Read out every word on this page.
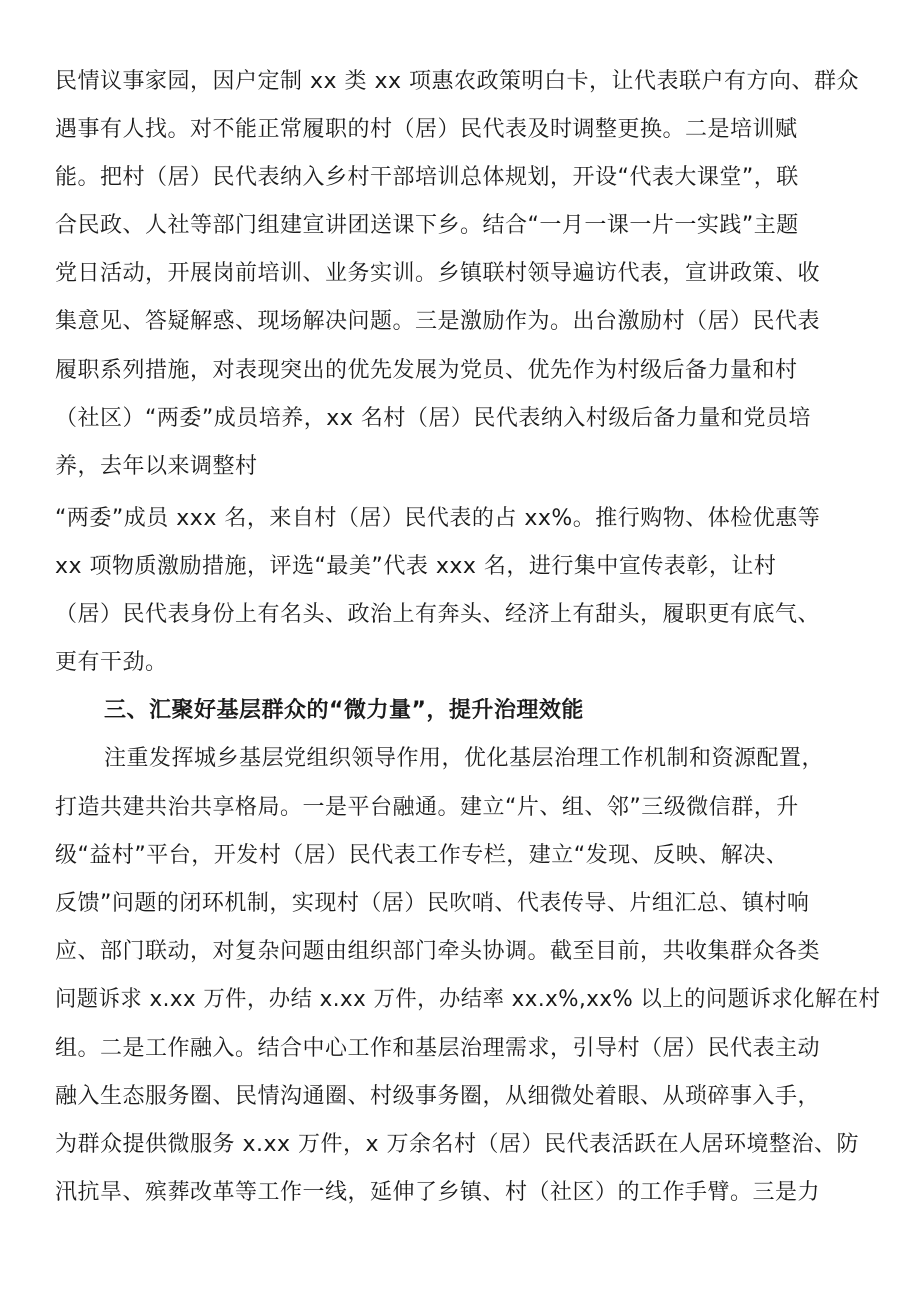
民情议事家园，因户定制 xx 类 xx 项惠农政策明白卡，让代表联户有方向、群众
遇事有人找。对不能正常履职的村（居）民代表及时调整更换。二是培训赋
能。把村（居）民代表纳入乡村干部培训总体规划，开设“代表大课堂”，联
合民政、人社等部门组建宣讲团送课下乡。结合“一月一课一片一实践”主题
党日活动，开展岗前培训、业务实训。乡镇联村领导遍访代表，宣讲政策、收
集意见、答疑解惑、现场解决问题。三是激励作为。出台激励村（居）民代表
履职系列措施，对表现突出的优先发展为党员、优先作为村级后备力量和村
（社区）“两委”成员培养，xx 名村（居）民代表纳入村级后备力量和党员培
养，去年以来调整村
“两委”成员 xxx 名，来自村（居）民代表的占 xx%。推行购物、体检优惠等
xx 项物质激励措施，评选“最美”代表 xxx 名，进行集中宣传表彰，让村
（居）民代表身份上有名头、政治上有奔头、经济上有甜头，履职更有底气、
更有干劲。
三、汇聚好基层群众的“微力量”，提升治理效能
注重发挥城乡基层党组织领导作用，优化基层治理工作机制和资源配置，
打造共建共治共享格局。一是平台融通。建立“片、组、邻”三级微信群，升
级“益村”平台，开发村（居）民代表工作专栏，建立“发现、反映、解决、
反馈”问题的闭环机制，实现村（居）民吹哨、代表传导、片组汇总、镇村响
应、部门联动，对复杂问题由组织部门牵头协调。截至目前，共收集群众各类
问题诉求 x.xx 万件，办结 x.xx 万件，办结率 xx.x%,xx% 以上的问题诉求化解在村
组。二是工作融入。结合中心工作和基层治理需求，引导村（居）民代表主动
融入生态服务圈、民情沟通圈、村级事务圈，从细微处着眼、从琐碎事入手，
为群众提供微服务 x.xx 万件，x 万余名村（居）民代表活跃在人居环境整治、防
汛抗旱、殡葬改革等工作一线，延伸了乡镇、村（社区）的工作手臂。三是力
